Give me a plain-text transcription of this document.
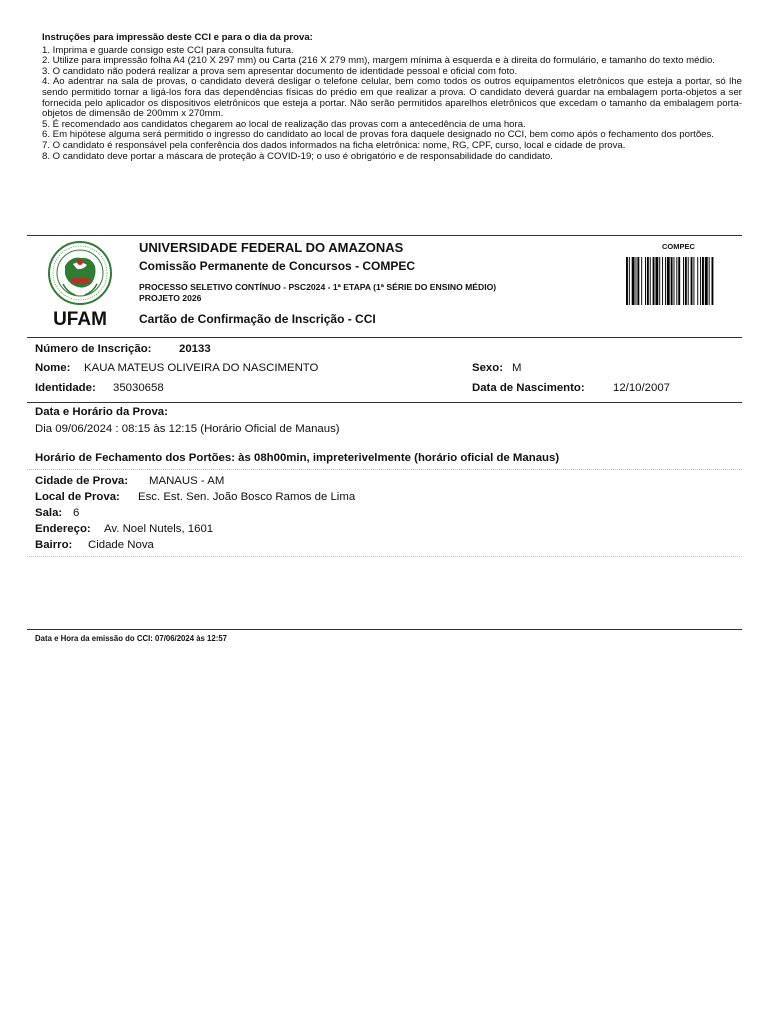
Instruções para impressão deste CCI e para o dia da prova:
1. Imprima e guarde consigo este CCI para consulta futura.
2. Utilize para impressão folha A4 (210 X 297 mm) ou Carta (216 X 279 mm), margem mínima à esquerda e à direita do formulário, e tamanho do texto médio.
3. O candidato não poderá realizar a prova sem apresentar documento de identidade pessoal e oficial com foto.
4. Ao adentrar na sala de provas, o candidato deverá desligar o telefone celular, bem como todos os outros equipamentos eletrônicos que esteja a portar, só lhe sendo permitido tornar a ligá-los fora das dependências físicas do prédio em que realizar a prova. O candidato deverá guardar na embalagem porta-objetos a ser fornecida pelo aplicador os dispositivos eletrônicos que esteja a portar. Não serão permitidos aparelhos eletrônicos que excedam o tamanho da embalagem porta-objetos de dimensão de 200mm x 270mm.
5. É recomendado aos candidatos chegarem ao local de realização das provas com a antecedência de uma hora.
6. Em hipótese alguma será permitido o ingresso do candidato ao local de provas fora daquele designado no CCI, bem como após o fechamento dos portões.
7. O candidato é responsável pela conferência dos dados informados na ficha eletrônica: nome, RG, CPF, curso, local e cidade de prova.
8. O candidato deve portar a máscara de proteção à COVID-19; o uso é obrigatório e de responsabilidade do candidato.
UFAM
UNIVERSIDADE FEDERAL DO AMAZONAS
Comissão Permanente de Concursos - COMPEC
PROCESSO SELETIVO CONTÍNUO - PSC2024 - 1ª ETAPA (1ª SÉRIE DO ENSINO MÉDIO)
PROJETO 2026
Cartão de Confirmação de Inscrição - CCI
COMPEC
Número de Inscrição: 20133
Nome: KAUA MATEUS OLIVEIRA DO NASCIMENTO	Sexo: M
Identidade: 35030658	Data de Nascimento: 12/10/2007
Data e Horário da Prova:
Dia 09/06/2024 : 08:15 às 12:15 (Horário Oficial de Manaus)
Horário de Fechamento dos Portões: às 08h00min, impreterivelmente (horário oficial de Manaus)
Cidade de Prova: MANAUS - AM
Local de Prova: Esc. Est. Sen. João Bosco Ramos de Lima
Sala: 6
Endereço: Av. Noel Nutels, 1601
Bairro: Cidade Nova
Data e Hora da emissão do CCI: 07/06/2024 às 12:57
